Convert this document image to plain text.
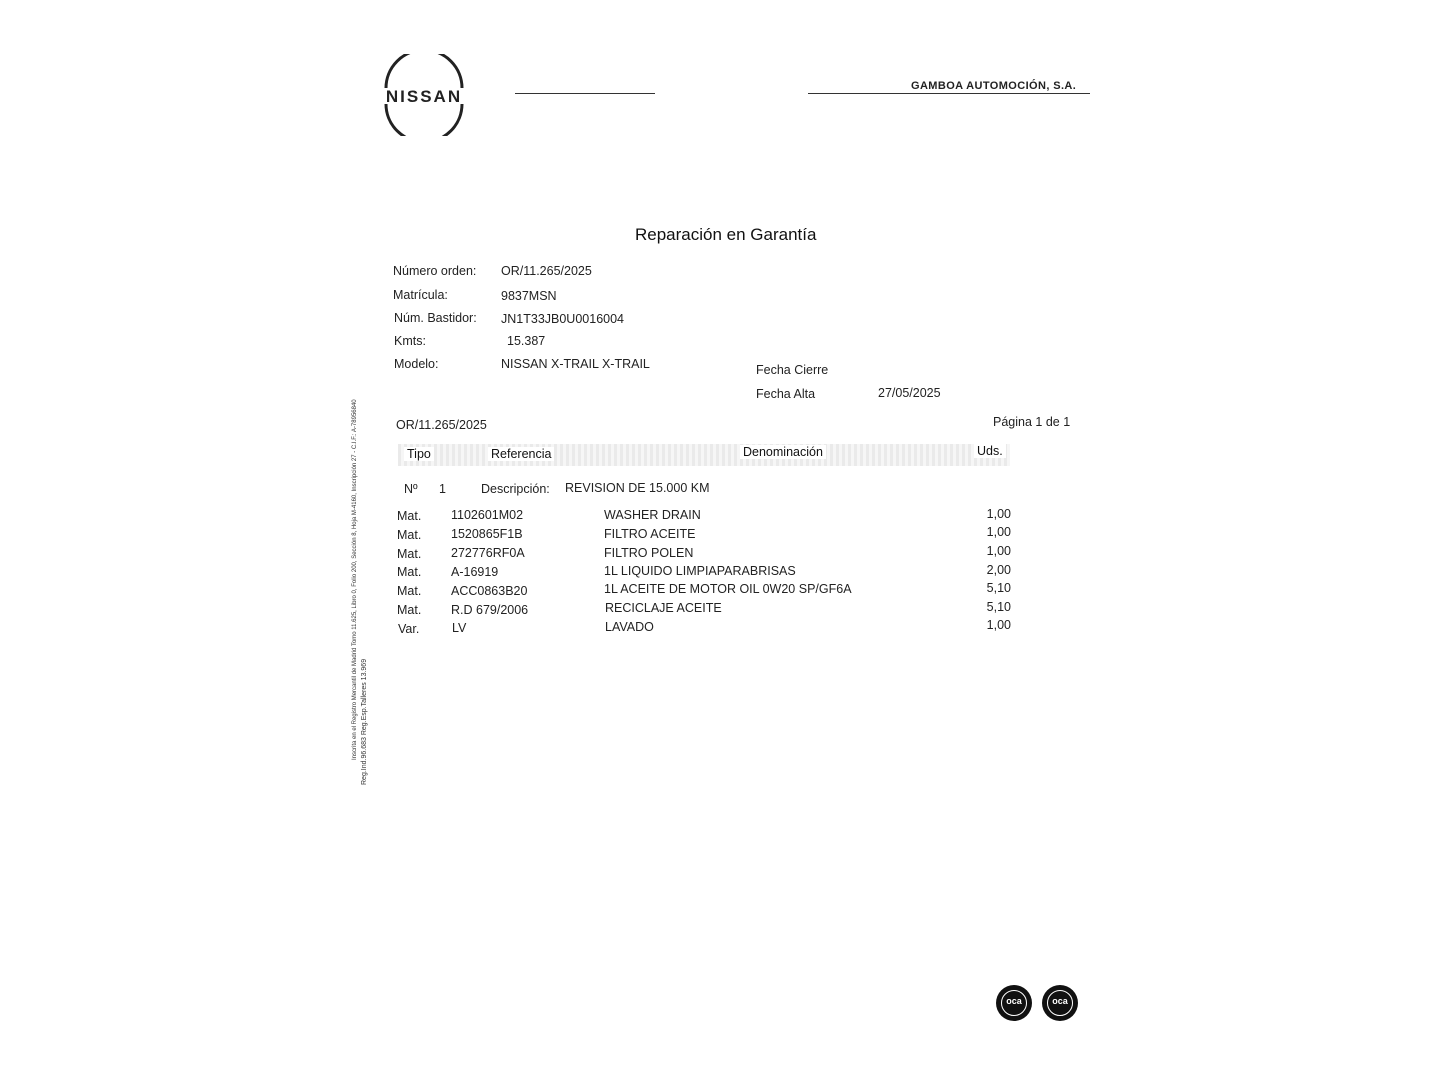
NISSAN
GAMBOA AUTOMOCIÓN, S.A.
Inscrita en el Registro Mercantil de Madrid Tomo 11.625, Libro 0, Folio 200, Sección 8, Hoja M-4160, Inscripción 27 - C.I.F.: A-78956840 Reg.Ind.96.683 Reg.Esp.Talleres 13.969
Reparación en Garantía
Número orden: OR/11.265/2025
Matrícula:	9837MSN
Núm. Bastidor: JN1T33JB0U0016004
Kmts:	15.387
Modelo:	NISSAN X-TRAIL X-TRAIL	Fecha Cierre
Fecha Alta	27/05/2025
OR/11.265/2025	Página 1 de 1
Tipo	Referencia	Denominación	Uds.
Nº 1	Descripción: REVISION DE 15.000 KM
Mat. 1102601M02	WASHER DRAIN	1,00
Mat. 1520865F1B	FILTRO ACEITE	1,00
Mat. 272776RF0A	FILTRO POLEN	1,00
Mat. A-16919	1L LIQUIDO LIMPIAPARABRISAS	2,00
Mat. ACC0863B20	1L ACEITE DE MOTOR OIL 0W20 SP/GF6A	5,10
Mat. R.D 679/2006	RECICLAJE ACEITE	5,10
Var.	LV	LAVADO	1,00
oca	oca
